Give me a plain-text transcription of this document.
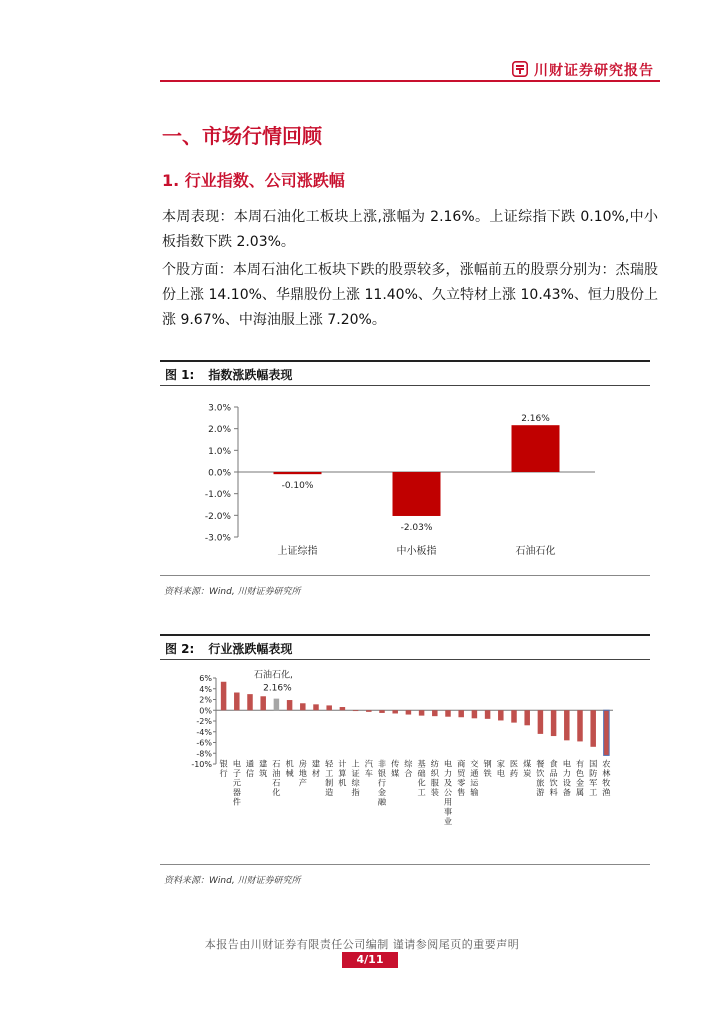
川财证券研究报告
一、市场行情回顾
1. 行业指数、公司涨跌幅

本周表现：本周石油化工板块上涨,涨幅为 2.16%。上证综指下跌 0.10%,中小板指数下跌 2.03%。

个股方面：本周石油化工板块下跌的股票较多，涨幅前五的股票分别为：杰瑞股份上涨 14.10%、华鼎股份上涨 11.40%、久立特材上涨 10.43%、恒力股份上涨 9.67%、中海油服上涨 7.20%。

图 1: 指数涨跌幅表现
3.0%
2.0%
1.0%
0.0%
-1.0%
-2.0%
-3.0%
-0.10%
上证综指
-2.03%
中小板指
2.16%
石油石化
资料来源：Wind, 川财证券研究所
图 2: 行业涨跌幅表现
6%
4%
2%
0%
-2%
-4%
-6%
-8%
-10% 银行
电子元器件
通信
建筑
石油石化
机械
房地产
建材
轻工制造
计算机
上证综指
汽车
非银行金融
传媒
综合
基础化工
纺织服装
电力及公用事业
商贸零售
交通运输
钢铁
家电
医药
煤炭
餐饮旅游
食品饮料
电力设备
有色金属
国防军工
农林牧渔
石油石化,
2.16%
资料来源：Wind, 川财证券研究所
本报告由川财证券有限责任公司编制 谨请参阅尾页的重要声明
4/11
